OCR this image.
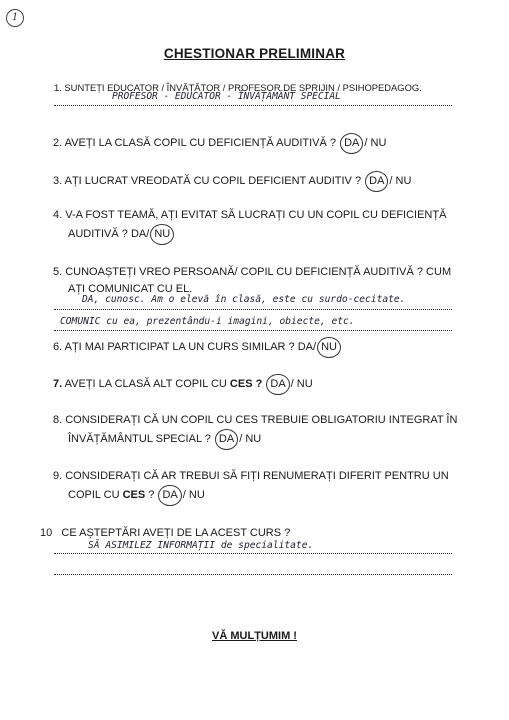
1
CHESTIONAR PRELIMINAR
1. SUNTEȚI EDUCATOR / ÎNVĂȚĂTOR / PROFESOR DE SPRIJIN / PSIHOPEDAGOG.
PROFESOR - EDUCATOR - ÎNVĂȚĂMÂNT SPECIAL
2. AVEȚI LA CLASĂ COPIL CU DEFICIENȚĂ AUDITIVĂ ? DA / NU
3. AȚI LUCRAT VREODATĂ CU COPIL DEFICIENT AUDITIV ? DA / NU
4. V-A FOST TEAMĂ, AȚI EVITAT SĂ LUCRAȚI CU UN COPIL CU DEFICIENȚĂ
AUDITIVĂ ? DA/ NU
5. CUNOAȘTEȚI VREO PERSOANĂ/ COPIL CU DEFICIENȚĂ AUDITIVĂ ? CUM
AȚI COMUNICAT CU EL.
DA, cunosc. Am o elevă în clasă, este cu surdo-cecitate.
COMUNIC cu ea, prezentându-i imagini, obiecte, etc.
6. AȚI MAI PARTICIPAT LA UN CURS SIMILAR ? DA/ NU
7. AVEȚI LA CLASĂ ALT COPIL CU CES ? DA / NU
8. CONSIDERAȚI CĂ UN COPIL CU CES TREBUIE OBLIGATORIU INTEGRAT ÎN
ÎNVĂȚĂMÂNTUL SPECIAL ? DA / NU
9. CONSIDERAȚI CĂ AR TREBUI SĂ FIȚI RENUMERAȚI DIFERIT PENTRU UN
COPIL CU CES ? DA / NU
10   CE AȘTEPTĂRI AVEȚI DE LA ACEST CURS ?
SĂ ASIMILEZ INFORMAȚII de specialitate.
VĂ MULȚUMIM !
